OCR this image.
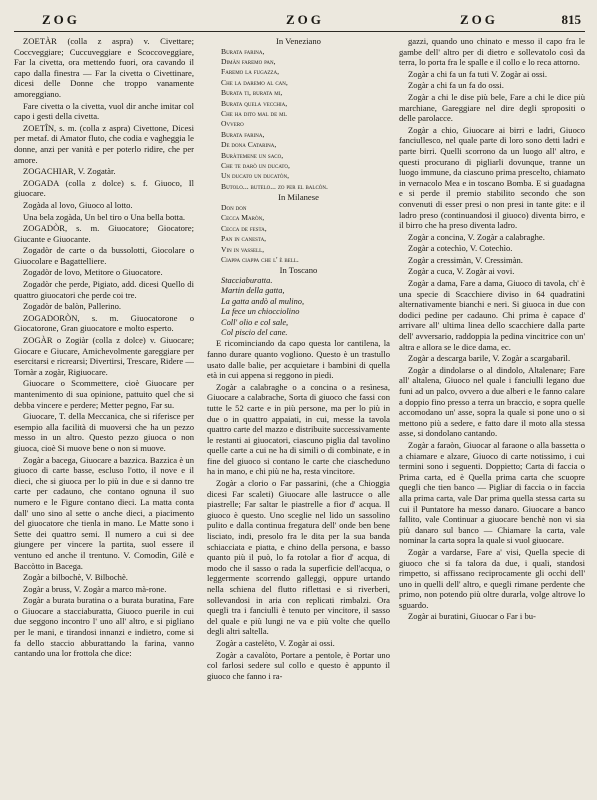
ZOG	ZOG	ZOG	815

ZOETÀR (colla z aspra) v. Civettare; Coccveggiare; Cuccuveggiare e Scoccoveggiare, Far la civetta, ora mettendo fuori, ora cavando il capo dalla finestra — Far la civetta o Civettinare, dicesi delle Donne che troppo vanamente amoreggiano.

Fare civetta o la civetta, vuol dir anche imitar col capo i gesti della civetta.

ZOETÎN, s. m. (colla z aspra) Civettone, Dicesi per metaf. di Amator fluto, che codia e vagheggia le donne, anzi per vanità e per poterlo ridire, che per amore.

ZOGACHIAR, V. Zogatàr.

ZOGADA (colla z dolce) s. f. Giuoco, Il giuocare.

Zogàda al lovo, Giuoco al lotto.

Una bela zogàda, Un bel tiro o Una bella botta.

ZOGADÒR, s. m. Giuocatore; Giocatore; Giucante e Giuocante.

Zogadòr de carte o da bussolotti, Giocolare o Giuocolare e Bagattelliere.

Zogadòr de lovo, Metitore o Giuocatore.

Zogadòr che perde, Pigiato, add. dicesi Quello di quattro giuocatori che perde coi tre.

Zogadòr de balòn, Pallerino.

ZOGADORÒN, s. m. Giuocatorone o Giocatorone, Gran giuocatore e molto esperto.

ZOGÀR o Zogiàr (colla z dolce) v. Giuocare; Giocare e Giucare, Amichevolmente gareggiare per esercitarsi e ricrearsi; Divertirsi, Trescare, Ridere — Tornàr a zogàr, Rigiuocare.

Giuocare o Scommettere, cioè Giuocare per mantenimento di sua opinione, pattuito quel che si debba vincere e perdere; Metter pegno, Far su.

Giuocare, T. della Meccanica, che si riferisce per esempio alla facilità di muoversi che ha un pezzo messo in un altro. Questo pezzo giuoca o non giuoca, cioè Si muove bene o non si muove.

Zogàr a bacega, Giuocare a bazzica. Bazzica è un giuoco di carte basse, escluso l'otto, il nove e il dieci, che si giuoca per lo più in due e si danno tre carte per cadauno, che contano ognuna il suo numero e le Figure contano dieci. La matta conta dall' uno sino al sette o anche dieci, a piacimento del giuocatore che tienla in mano. Le Matte sono i Sette dei quattro semi. Il numero a cui si dee giungere per vincere la partita, suol essere il ventuno ed anche il trentuno. V. Comodìn, Gilè e Baccòtto in Bacega.

Zogàr a bilbochè, V. Bilbochè.

Zogàr a bruss, V. Zogàr a marco mà-rone.

Zogàr a burata buratina o a burata buratina, Fare o Giuocare a stacciaburatta, Giuoco puerile in cui due seggono incontro l' uno all' altro, e si pigliano per le mani, e tirandosi innanzi e indietro, come si fa dello staccio abburattando la farina, vanno cantando una lor frottola che dice:

In Veneziano
Burata farina,
Dimàn faremo pan,
Faremo la fugazza,
Che la daremo al can,
Burata ti, burata mi,
Burata quela vecchia,
Che ha dito mal de mi.
Ovvero
Burata farina,
De dona Catarina,
Buràtemene un saco,
Che te darò un ducato,
Un ducato un ducatòn,
Butolo... butelo... zo per el balcòn.
In Milanese
Don don
Cecca Maròn,
Cecca de festa,
Pan in canesta,
Vin in vassell,
Ciappa ciappa che l' è bell.
In Toscano
Stacciaburatta.
Martin della gatta,
La gatta andò al mulino,
La fece un chiocciolino
Coll' olio e col sale,
Col piscio del cane.

E ricominciando da capo questa lor cantilena, la fanno durare quanto vogliono. Questo è un trastullo usato dalle balie, per acquietare i bambini di quella età in cui appena si reggono in piedi.

Zogàr a calabraghe o a concina o a resìnesa, Giuocare a calabrache, Sorta di giuoco che fassi con tutte le 52 carte e in più persone, ma per lo più in due o in quattro appaiati, in cui, messe la tavola quattro carte del mazzo e distribuite successivamente le restanti ai giuocatori, ciascuno piglia dal tavolino quelle carte a cui ne ha di simili o di combinate, e in fine del giuoco si contano le carte che ciascheduno ha in mano, e chi più ne ha, resta vincitore.

Zogàr a clorio o Far passarini, (che a Chioggia dicesi Far scaleti) Giuocare alle lastrucce o alle piastrelle; Far saltar le piastrelle a fior d' acqua. Il giuoco è questo. Uno sceglie nel lido un sassolino pulito e dalla continua fregatura dell' onde ben bene lisciato, indi, presolo fra le dita per la sua banda schiacciata e piatta, e chino della persona, e basso quanto più il può, lo fa rotolar a fior d' acqua, di modo che il sasso o rada la superficie dell'acqua, o leggermente scorrendo galleggi, oppure urtando nella schiena del flutto riflettasi e si riverberi, sollevandosi in aria con replicati rimbalzi. Ora quegli tra i fanciulli è tenuto per vincitore, il sasso del quale e più lungi ne va e più volte che quello degli altri saltella.

Zogàr a castelèto, V. Zogàr ai ossi.

Zogàr a cavalòto, Portare a pentole, è Portar uno col farlosi sedere sul collo e questo è appunto il giuoco che fanno i ra-

gazzi, quando uno chinato e messo il capo fra le gambe dell' altro per di dietro e sollevatolo così da terra, lo porta fra le spalle e il collo e lo reca attorno.

Zogàr a chi fa un fa tuti V. Zogàr ai ossi.

Zogàr a chi fa un fa do ossi.

Zogàr a chi le dise più bele, Fare a chi le dice più marchiane, Gareggiare nel dire degli spropositi o delle parolacce.

Zogàr a chio, Giuocare ai birri e ladri, Giuoco fanciullesco, nel quale parte di loro sono detti ladri e parte birri. Quelli scorrono da un luogo all' altro, e questi procurano di pigliarli dovunque, tranne un luogo immune, da ciascuno prima prescelto, chiamato in vernacolo Mea e in toscano Bomba. E si guadagna e si perde il premio stabilito secondo che son convenuti di esser presi o non presi in tante gite: e il ladro preso (continuandosi il giuoco) diventa birro, e il birro che ha preso diventa ladro.

Zogàr a concina, V. Zogàr a calabraghe.

Zogàr a cotechìo, V. Cotechìo.

Zogàr a cressimàn, V. Cressimàn.

Zogàr a cuca, V. Zogàr ai vovi.

Zogàr a dama, Fare a dama, Giuoco di tavola, ch' è una specie di Scacchiere diviso in 64 quadratini alternativamente bianchi e neri. Si giuoca in due con dodici pedine per cadauno. Chi prima è capace d' arrivare all' ultima linea dello scacchiere dalla parte dell' avversario, raddoppia la pedina vincitrice con un' altra e allora se le dice dama, ec.

Zogàr a descarga barile, V. Zogàr a scargabarìl.

Zogàr a dindolarse o al dindolo, Altalenare; Fare all' altalena, Giuoco nel quale i fanciulli legano due funi ad un palco, ovvero a due alberi e le fanno calare a doppio fino presso a terra un braccio, e sopra quelle accomodano un' asse, sopra la quale si pone uno o si mettono più a sedere, e fatto dare il moto alla stessa asse, si dondolano cantando.

Zogàr a faraòn, Giuocar al faraone o alla bassetta o a chiamare e alzare, Giuoco di carte notissimo, i cui termini sono i seguenti. Doppietto; Carta di faccia o Prima carta, ed è Quella prima carta che scuopre quegli che tien banco — Pigliar di faccia o in faccia alla prima carta, vale Dar prima quella stessa carta su cui il Puntatore ha messo danaro. Giuocare a banco fallito, vale Continuar a giuocare benchè non vi sia più danaro sul banco — Chiamare la carta, vale nominar la carta sopra la quale si vuol giuocare.

Zogàr a vardarse, Fare a' visi, Quella specie di giuoco che si fa talora da due, i quali, standosi rimpetto, si affissano reciprocamente gli occhi dell' uno in quelli dell' altro, e quegli rimane perdente che primo, non potendo più oltre durarla, volge altrove lo sguardo.

Zogàr ai buratini, Giuocar o Far i bu-
